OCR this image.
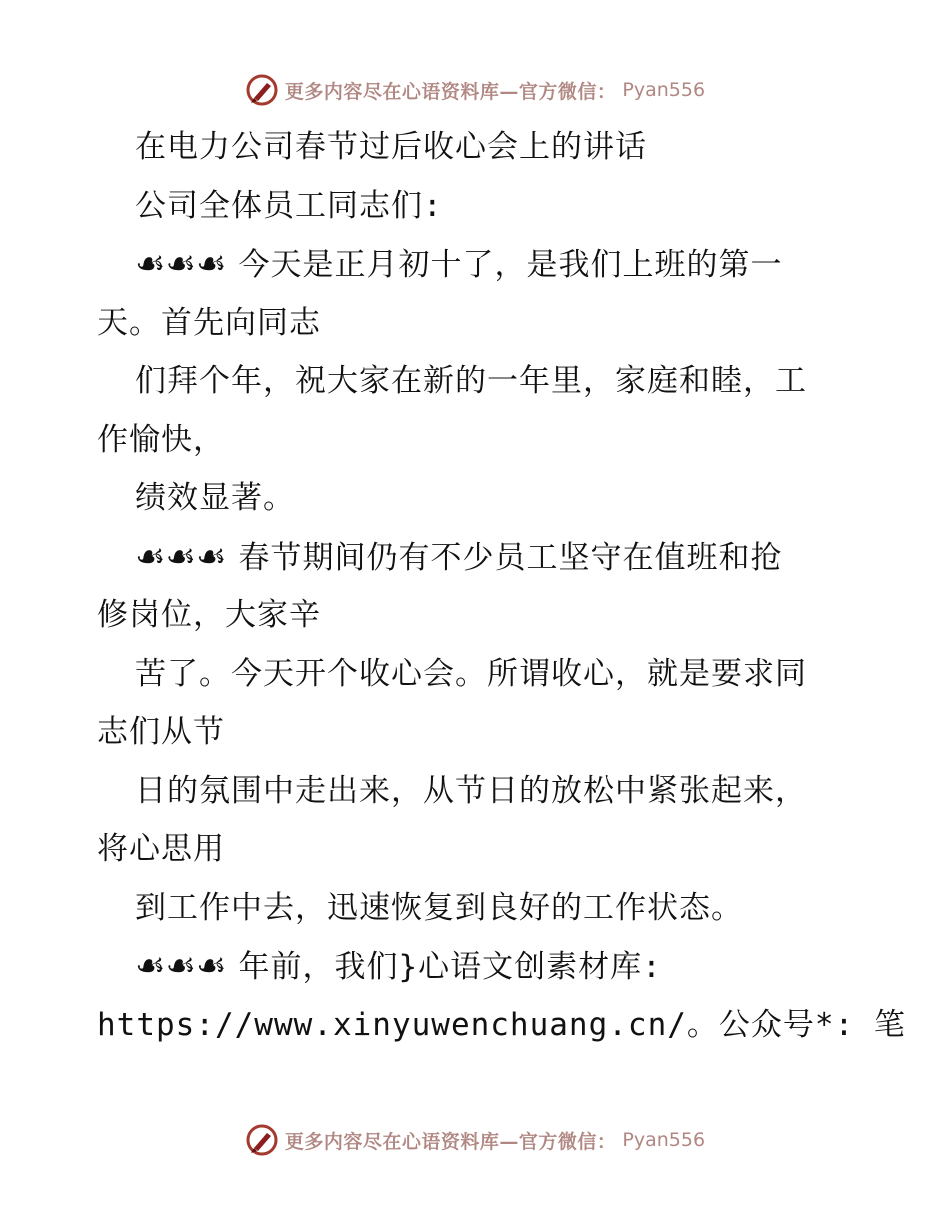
更多内容尽在心语资料库—官方微信： Pyan556
在电力公司春节过后收心会上的讲话
公司全体员工同志们:
☙☙☙ 今天是正月初十了，是我们上班的第一
天。首先向同志
们拜个年，祝大家在新的一年里，家庭和睦，工
作愉快，
绩效显著。
☙☙☙ 春节期间仍有不少员工坚守在值班和抢
修岗位，大家辛
苦了。今天开个收心会。所谓收心，就是要求同
志们从节
日的氛围中走出来，从节日的放松中紧张起来，
将心思用
到工作中去，迅速恢复到良好的工作状态。
☙☙☙ 年前，我们}心语文创素材库:
https://www.xinyuwenchuang.cn/。公众号*: 笔
更多内容尽在心语资料库—官方微信： Pyan556
